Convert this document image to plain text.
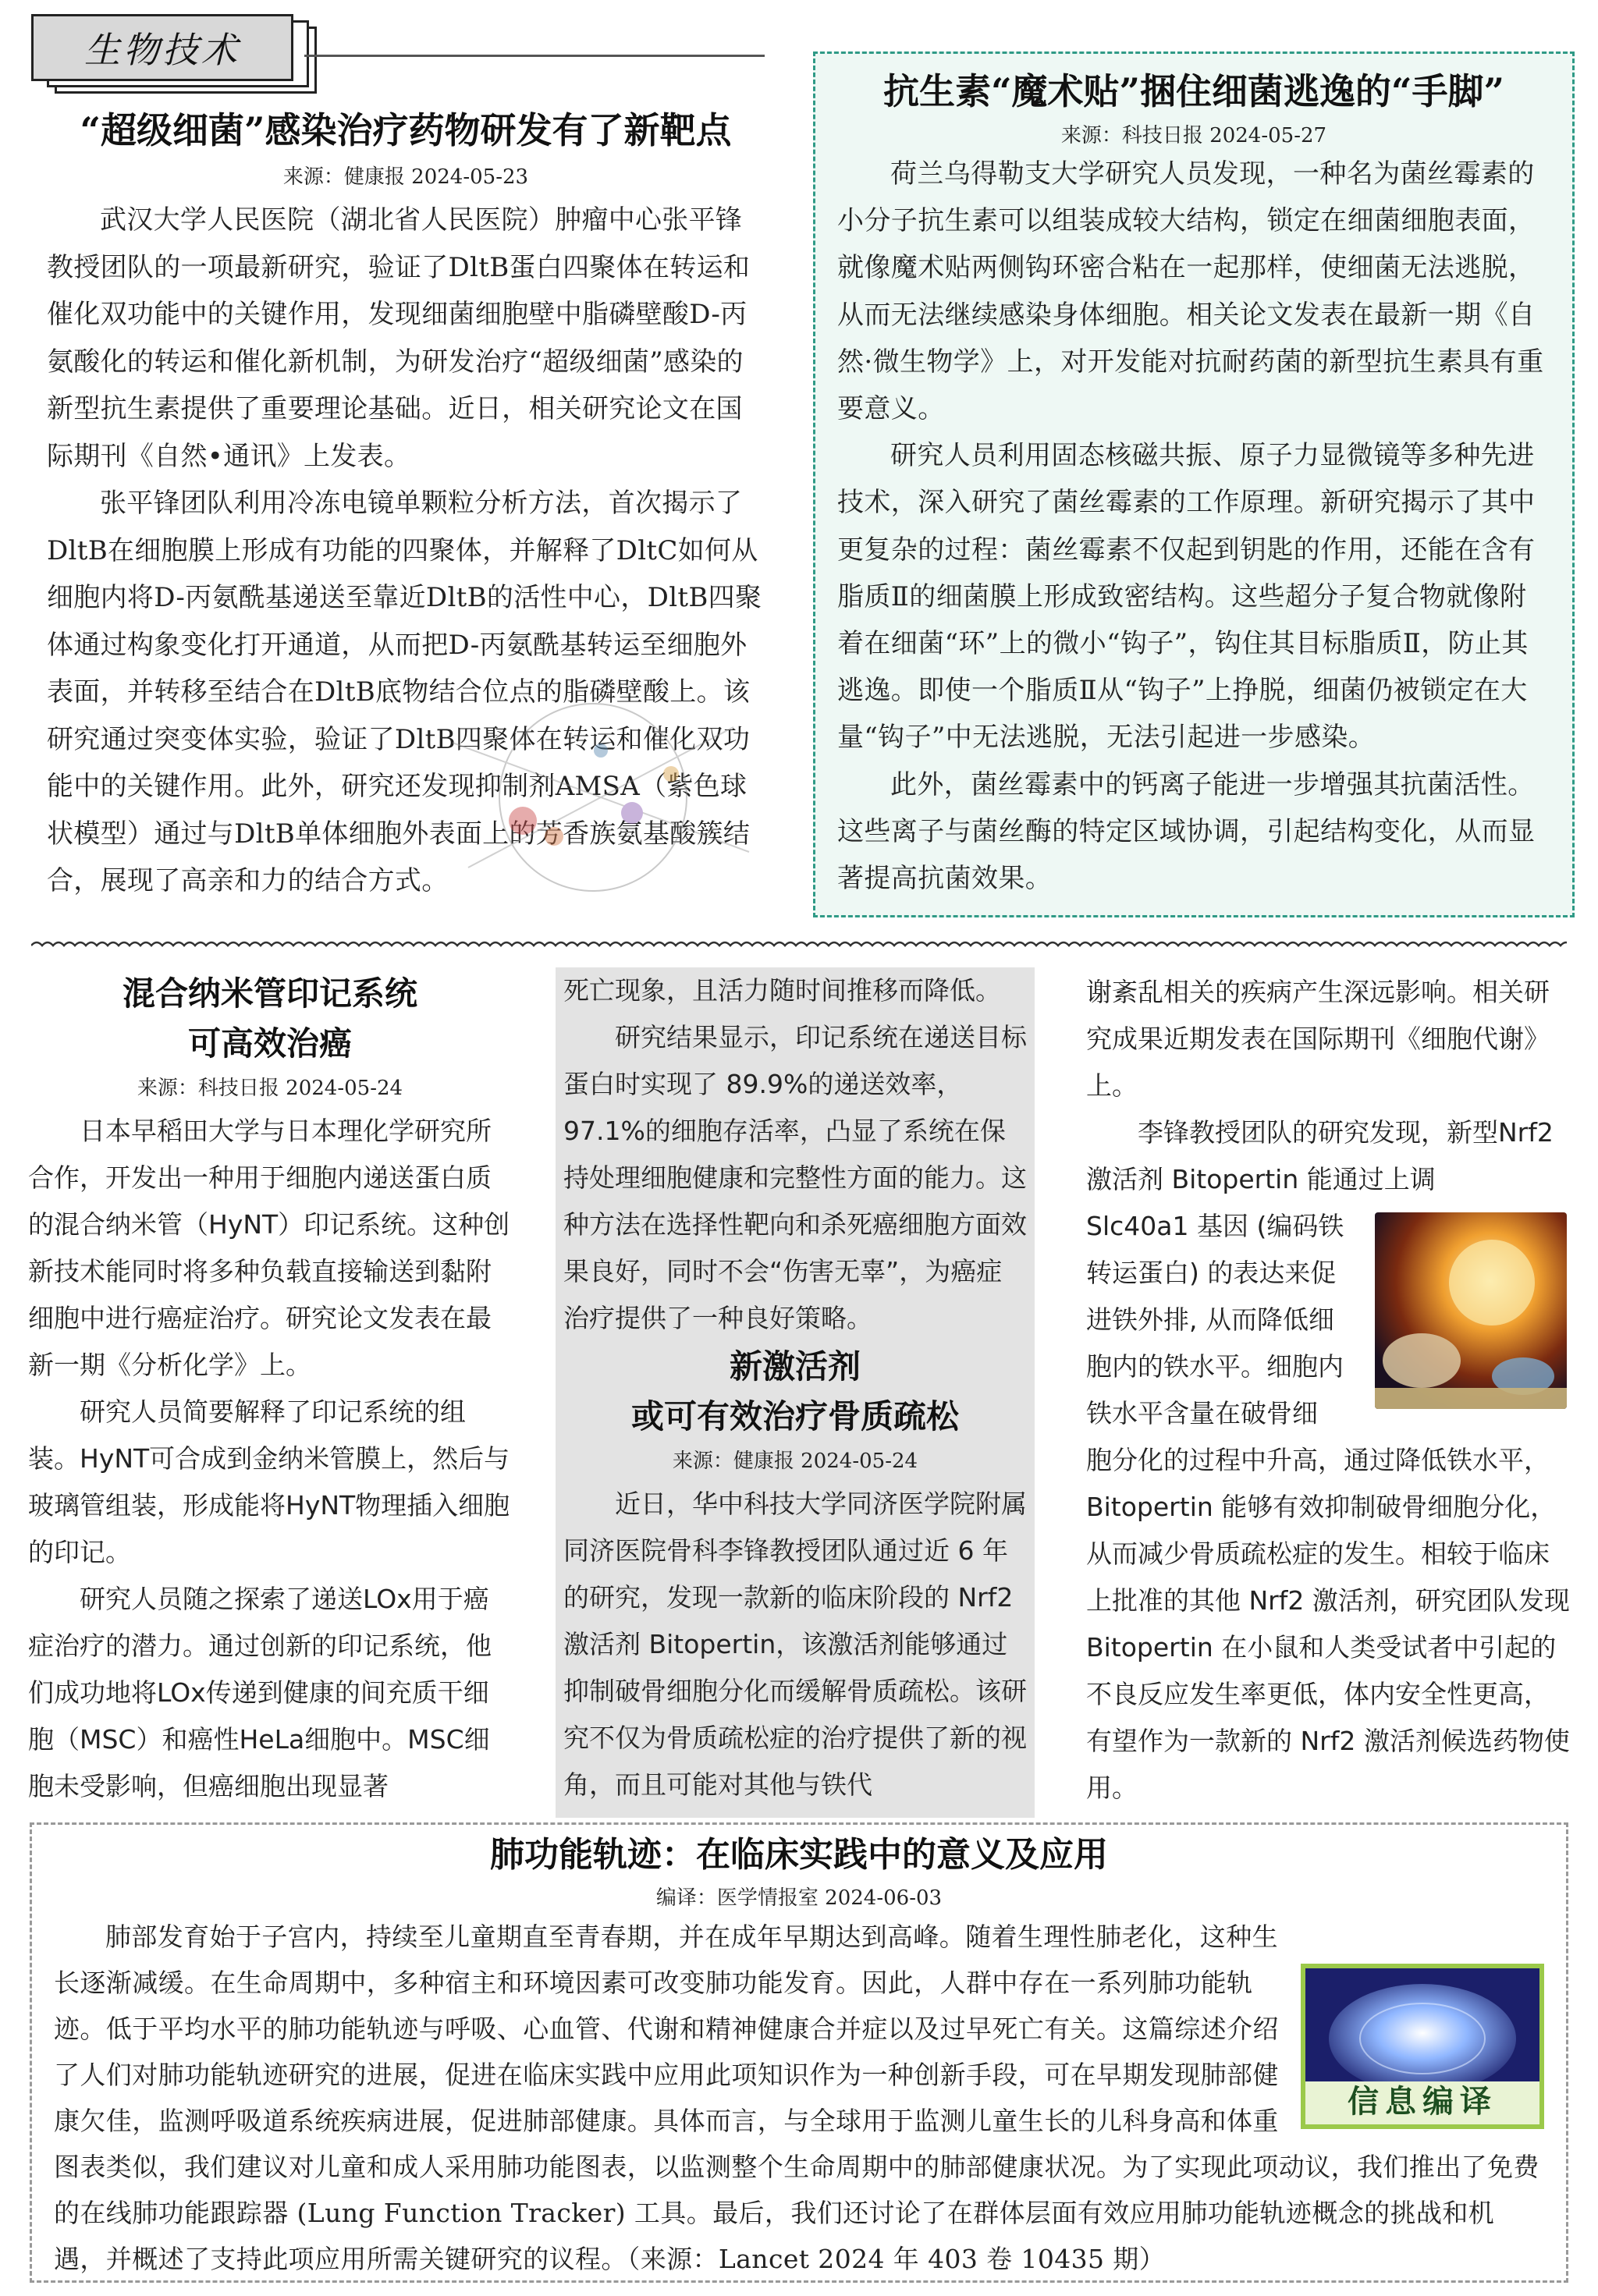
生物技术
“超级细菌”感染治疗药物研发有了新靶点

来源：健康报 2024-05-23

武汉大学人民医院（湖北省人民医院）肿瘤中心张平锋教授团队的一项最新研究，验证了DltB蛋白四聚体在转运和催化双功能中的关键作用，发现细菌细胞壁中脂磷壁酸D-丙氨酸化的转运和催化新机制，为研发治疗“超级细菌”感染的新型抗生素提供了重要理论基础。近日，相关研究论文在国际期刊《自然•通讯》上发表。

张平锋团队利用冷冻电镜单颗粒分析方法，首次揭示了DltB在细胞膜上形成有功能的四聚体，并解释了DltC如何从细胞内将D-丙氨酰基递送至靠近DltB的活性中心，DltB四聚体通过构象变化打开通道，从而把D-丙氨酰基转运至细胞外表面，并转移至结合在DltB底物结合位点的脂磷壁酸上。该研究通过突变体实验，验证了DltB四聚体在转运和催化双功能中的关键作用。此外，研究还发现抑制剂AMSA（紫色球状模型）通过与DltB单体细胞外表面上的芳香族氨基酸簇结合，展现了高亲和力的结合方式。

抗生素“魔术贴”捆住细菌逃逸的“手脚”

来源：科技日报 2024-05-27

荷兰乌得勒支大学研究人员发现，一种名为菌丝霉素的小分子抗生素可以组装成较大结构，锁定在细菌细胞表面，就像魔术贴两侧钩环密合粘在一起那样，使细菌无法逃脱，从而无法继续感染身体细胞。相关论文发表在最新一期《自然·微生物学》上，对开发能对抗耐药菌的新型抗生素具有重要意义。

研究人员利用固态核磁共振、原子力显微镜等多种先进技术，深入研究了菌丝霉素的工作原理。新研究揭示了其中更复杂的过程：菌丝霉素不仅起到钥匙的作用，还能在含有脂质Ⅱ的细菌膜上形成致密结构。这些超分子复合物就像附着在细菌“环”上的微小“钩子”，钩住其目标脂质Ⅱ，防止其逃逸。即使一个脂质Ⅱ从“钩子”上挣脱，细菌仍被锁定在大量“钩子”中无法逃脱，无法引起进一步感染。

此外，菌丝霉素中的钙离子能进一步增强其抗菌活性。这些离子与菌丝酶的特定区域协调，引起结构变化，从而显著提高抗菌效果。

混合纳米管印记系统
可高效治癌

来源：科技日报 2024-05-24

日本早稻田大学与日本理化学研究所合作，开发出一种用于细胞内递送蛋白质的混合纳米管（HyNT）印记系统。这种创新技术能同时将多种负载直接输送到黏附细胞中进行癌症治疗。研究论文发表在最新一期《分析化学》上。

研究人员简要解释了印记系统的组装。HyNT可合成到金纳米管膜上，然后与玻璃管组装，形成能将HyNT物理插入细胞的印记。

研究人员随之探索了递送LOx用于癌症治疗的潜力。通过创新的印记系统，他们成功地将LOx传递到健康的间充质干细胞（MSC）和癌性HeLa细胞中。MSC细胞未受影响，但癌细胞出现显著

死亡现象，且活力随时间推移而降低。

研究结果显示，印记系统在递送目标蛋白时实现了 89.9%的递送效率，97.1%的细胞存活率，凸显了系统在保持处理细胞健康和完整性方面的能力。这种方法在选择性靶向和杀死癌细胞方面效果良好，同时不会“伤害无辜”，为癌症治疗提供了一种良好策略。

新激活剂
或可有效治疗骨质疏松

来源：健康报 2024-05-24

近日，华中科技大学同济医学院附属同济医院骨科李锋教授团队通过近 6 年的研究，发现一款新的临床阶段的 Nrf2 激活剂 Bitopertin，该激活剂能够通过抑制破骨细胞分化而缓解骨质疏松。该研究不仅为骨质疏松症的治疗提供了新的视角，而且可能对其他与铁代

谢紊乱相关的疾病产生深远影响。相关研究成果近期发表在国际期刊《细胞代谢》上。

李锋教授团队的研究发现，新型Nrf2 激活剂 Bitopertin 能通过上调

Slc40a1 基因 (编码铁
转运蛋白) 的表达来促
进铁外排, 从而降低细
胞内的铁水平。细胞内
铁水平含量在破骨细

胞分化的过程中升高，通过降低铁水平，Bitopertin 能够有效抑制破骨细胞分化，从而减少骨质疏松症的发生。相较于临床上批准的其他 Nrf2 激活剂，研究团队发现 Bitopertin 在小鼠和人类受试者中引起的不良反应发生率更低，体内安全性更高，有望作为一款新的 Nrf2 激活剂候选药物使用。

肺功能轨迹：在临床实践中的意义及应用

编译：医学情报室 2024-06-03

肺部发育始于子宫内，持续至儿童期直至青春期，并在成年早期达到高峰。随着生理性肺老化，这种生长逐渐减缓。在生命周期中，多种宿主和环境因素可改变肺功能发育。因此，人群中存在一系列肺功能轨迹。低于平均水平的肺功能轨迹与呼吸、心血管、代谢和精神健康合并症以及过早死亡有关。这篇综述介绍了人们对肺功能轨迹研究的进展，促进在临床实践中应用此项知识作为一种创新手段，可在早期发现肺部健康欠佳，监测呼吸道系统疾病进展，促进肺部健康。具体而言，与全球用于监测儿童生长的儿科身高和体重图表类似，我们建议对儿童和成人采用肺功能图表，以监测整个生命周期中的肺部健康状况。为了实现此项动议，我们推出了免费的在线肺功能跟踪器 (Lung Function Tracker) 工具。最后，我们还讨论了在群体层面有效应用肺功能轨迹概念的挑战和机遇，并概述了支持此项应用所需关键研究的议程。（来源：Lancet 2024 年 403 卷 10435 期）

信息编译
